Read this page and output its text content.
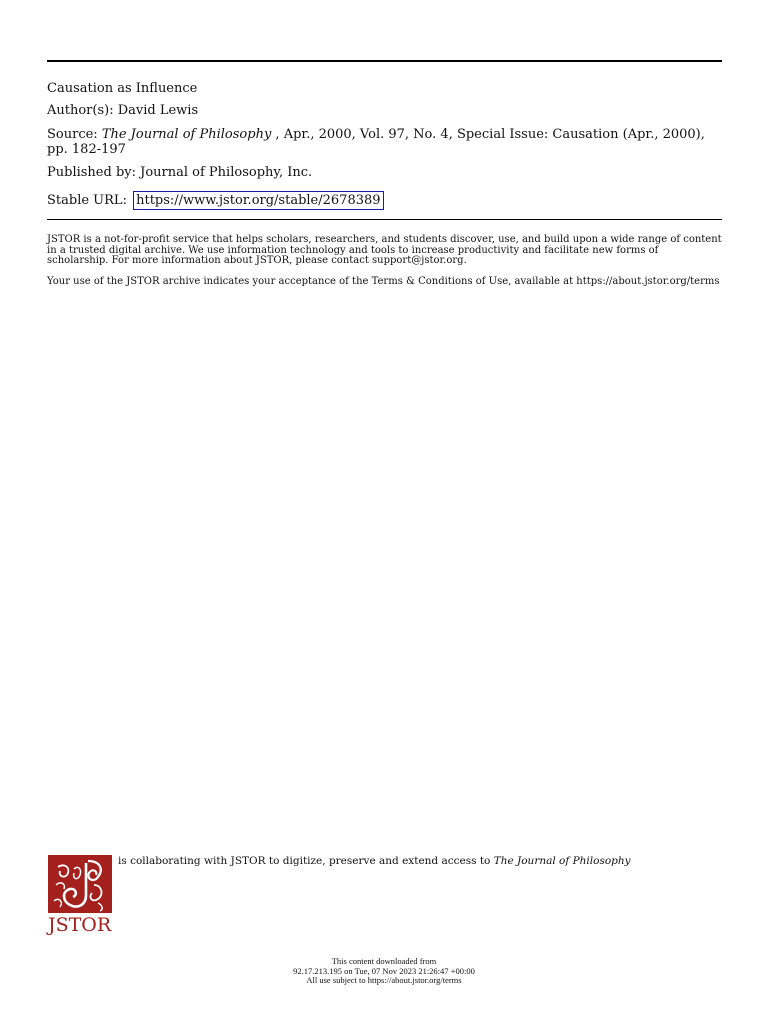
Causation as Influence
Author(s): David Lewis
Source: The Journal of Philosophy , Apr., 2000, Vol. 97, No. 4, Special Issue: Causation (Apr., 2000), pp. 182-197
Published by: Journal of Philosophy, Inc.
Stable URL: https://www.jstor.org/stable/2678389
JSTOR is a not-for-profit service that helps scholars, researchers, and students discover, use, and build upon a wide range of content in a trusted digital archive. We use information technology and tools to increase productivity and facilitate new forms of scholarship. For more information about JSTOR, please contact support@jstor.org.
Your use of the JSTOR archive indicates your acceptance of the Terms & Conditions of Use, available at https://about.jstor.org/terms
JSTOR
is collaborating with JSTOR to digitize, preserve and extend access to The Journal of Philosophy
This content downloaded from
92.17.213.195 on Tue, 07 Nov 2023 21:26:47 +00:00
All use subject to https://about.jstor.org/terms
